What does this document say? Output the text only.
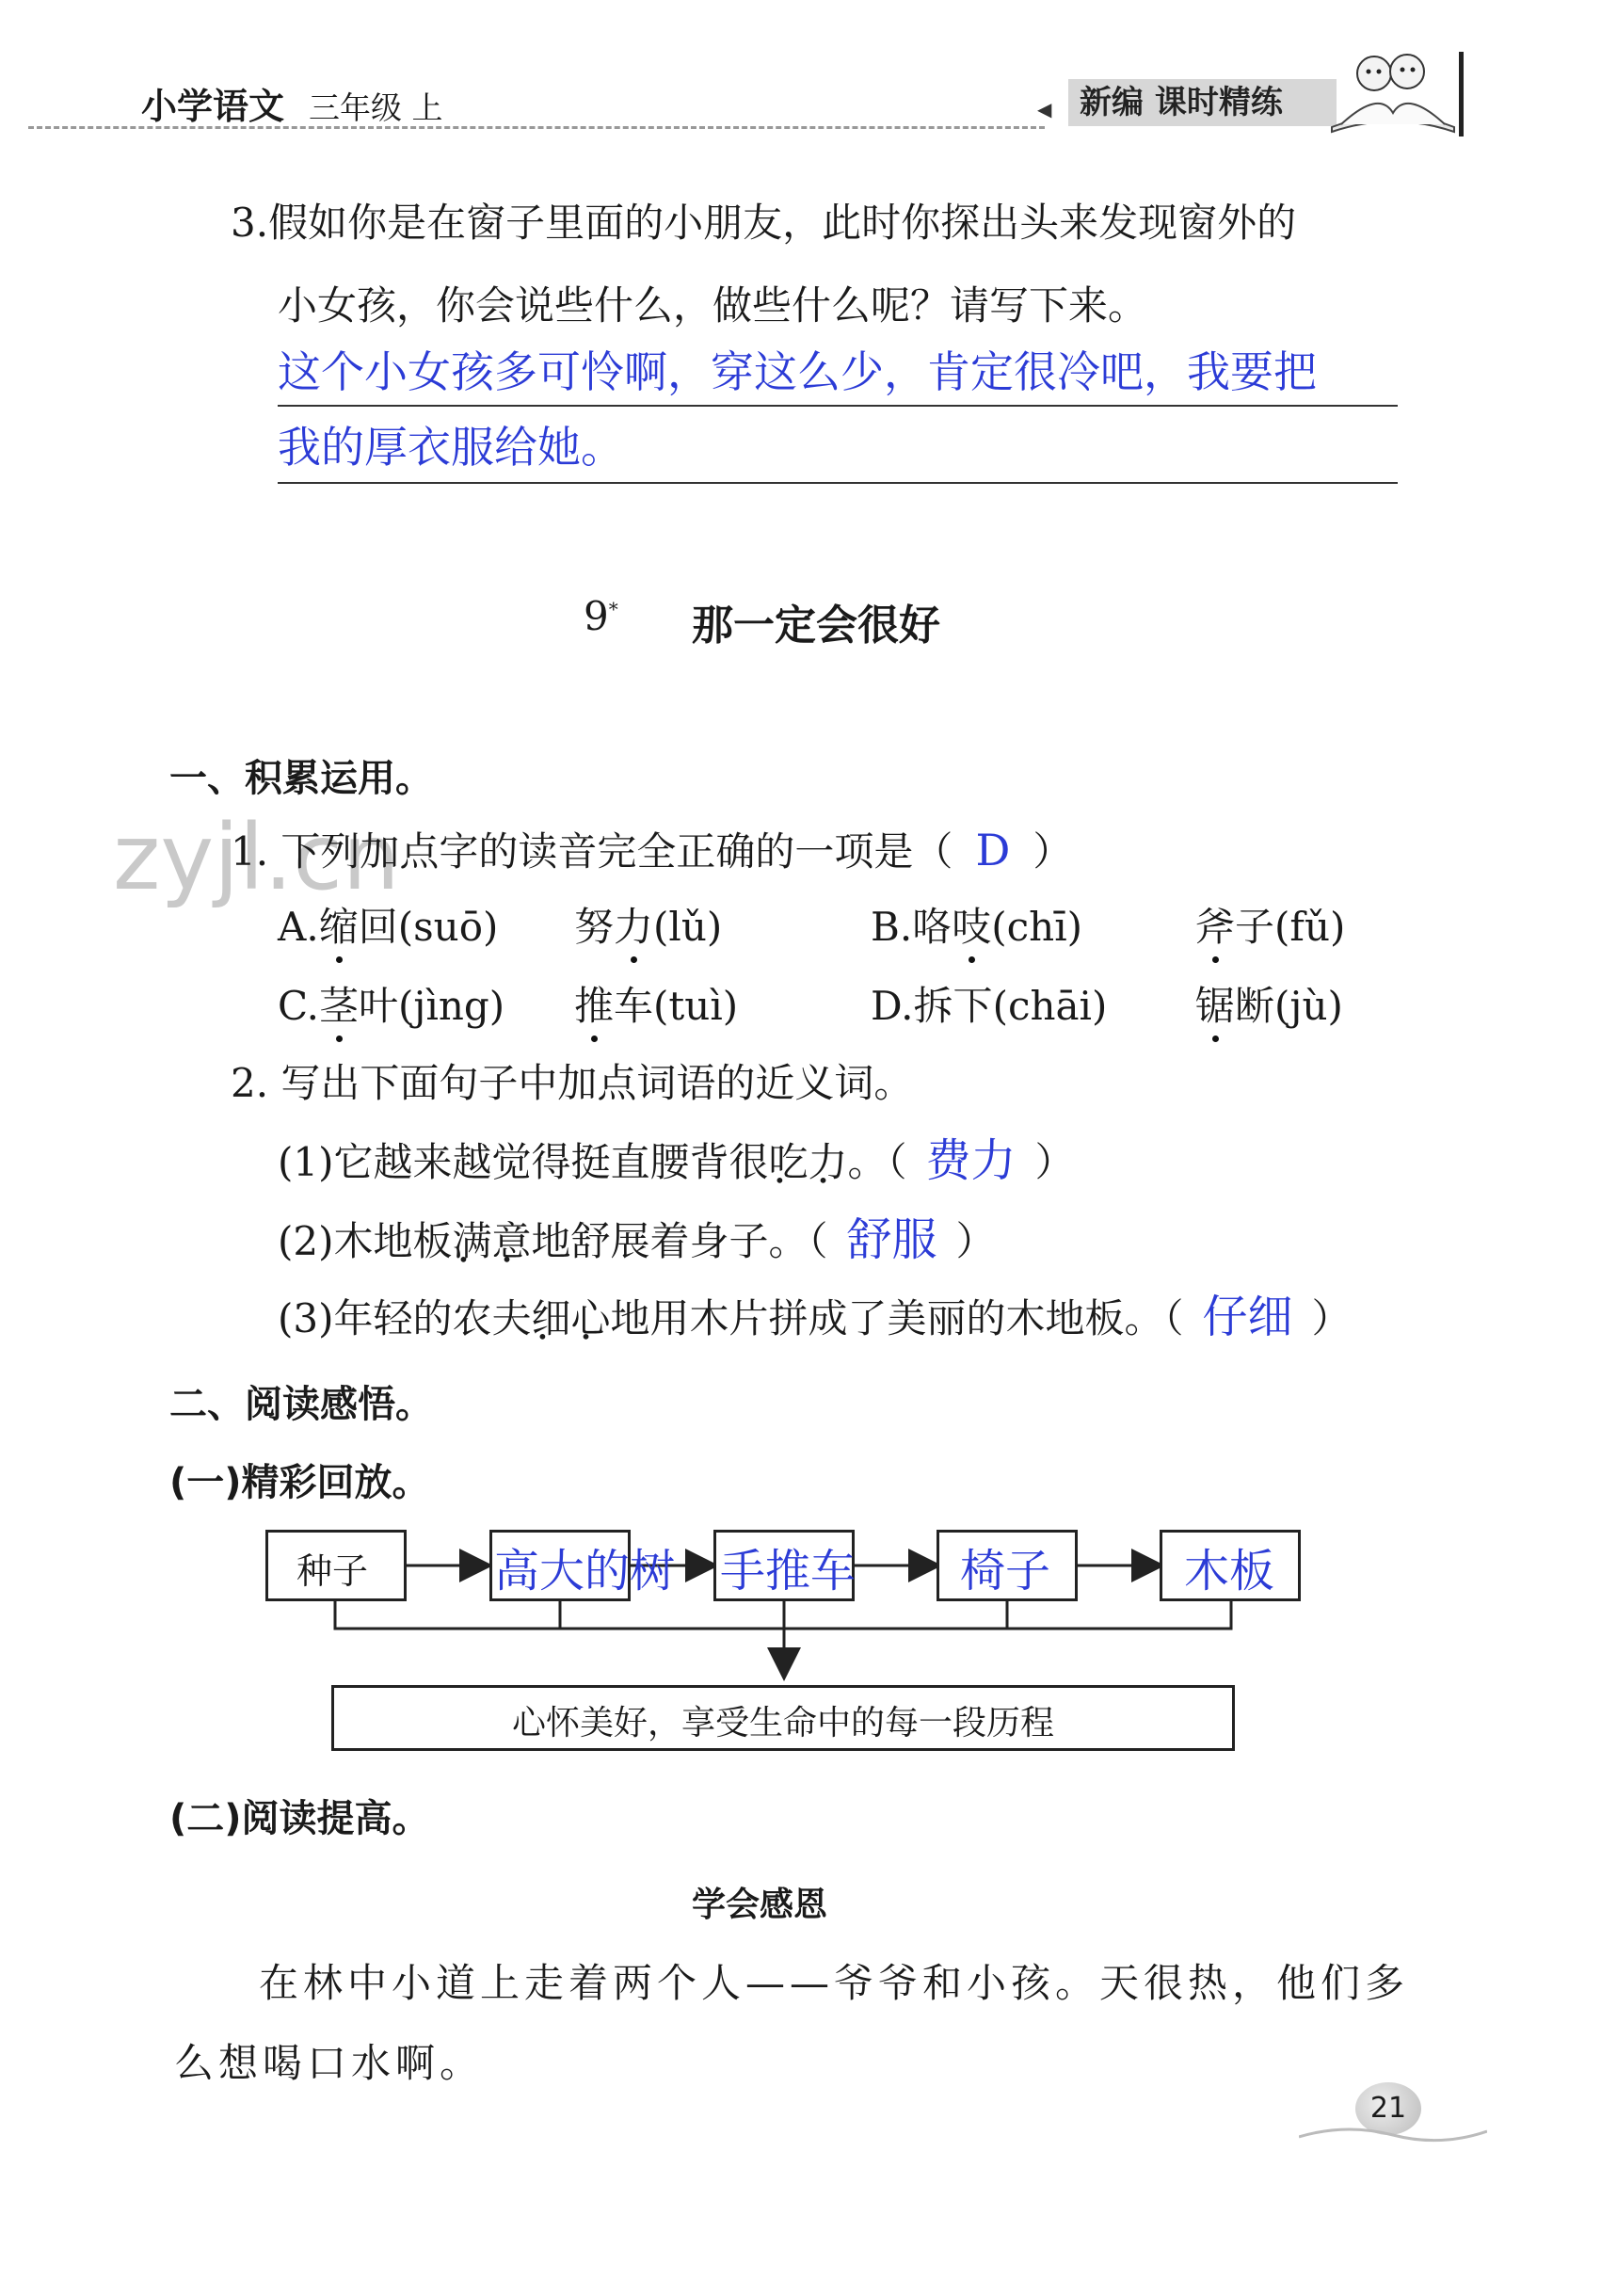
小学语文 三年级 上	◀ 新编 课时精练
3.假如你是在窗子里面的小朋友，此时你探出头来发现窗外的
小女孩，你会说些什么，做些什么呢？请写下来。
这个小女孩多可怜啊，穿这么少，肯定很冷吧，我要把
我的厚衣服给她。
9* 那一定会很好
一、积累运用。
zyjl.cn
1. 下列加点字的读音完全正确的一项是（ D ）
A.缩回(suō) 努力(lǔ)	B.咯吱(chī)	斧子(fǔ)
C.茎叶(jìng) 推车(tuì)	D.拆下(chāi) 锯断(jù)
2. 写出下面句子中加点词语的近义词。
(1)它越来越觉得挺直腰背很吃力 • •。（ 费力 ）
(2)木地板满意 • •地舒展着身子。（ 舒服 ）
(3)年轻的农夫细心 • •地用木片拼成了美丽的木地板。（ 仔细 ）
二、阅读感悟。
(一)精彩回放。
种子	高大的树 手推车 椅子	木板
心怀美好，享受生命中的每一段历程
(二)阅读提高。
学会感恩
在林中小道上走着两个人——爷爷和小孩。天很热，他们多
么想喝口水啊。
21
